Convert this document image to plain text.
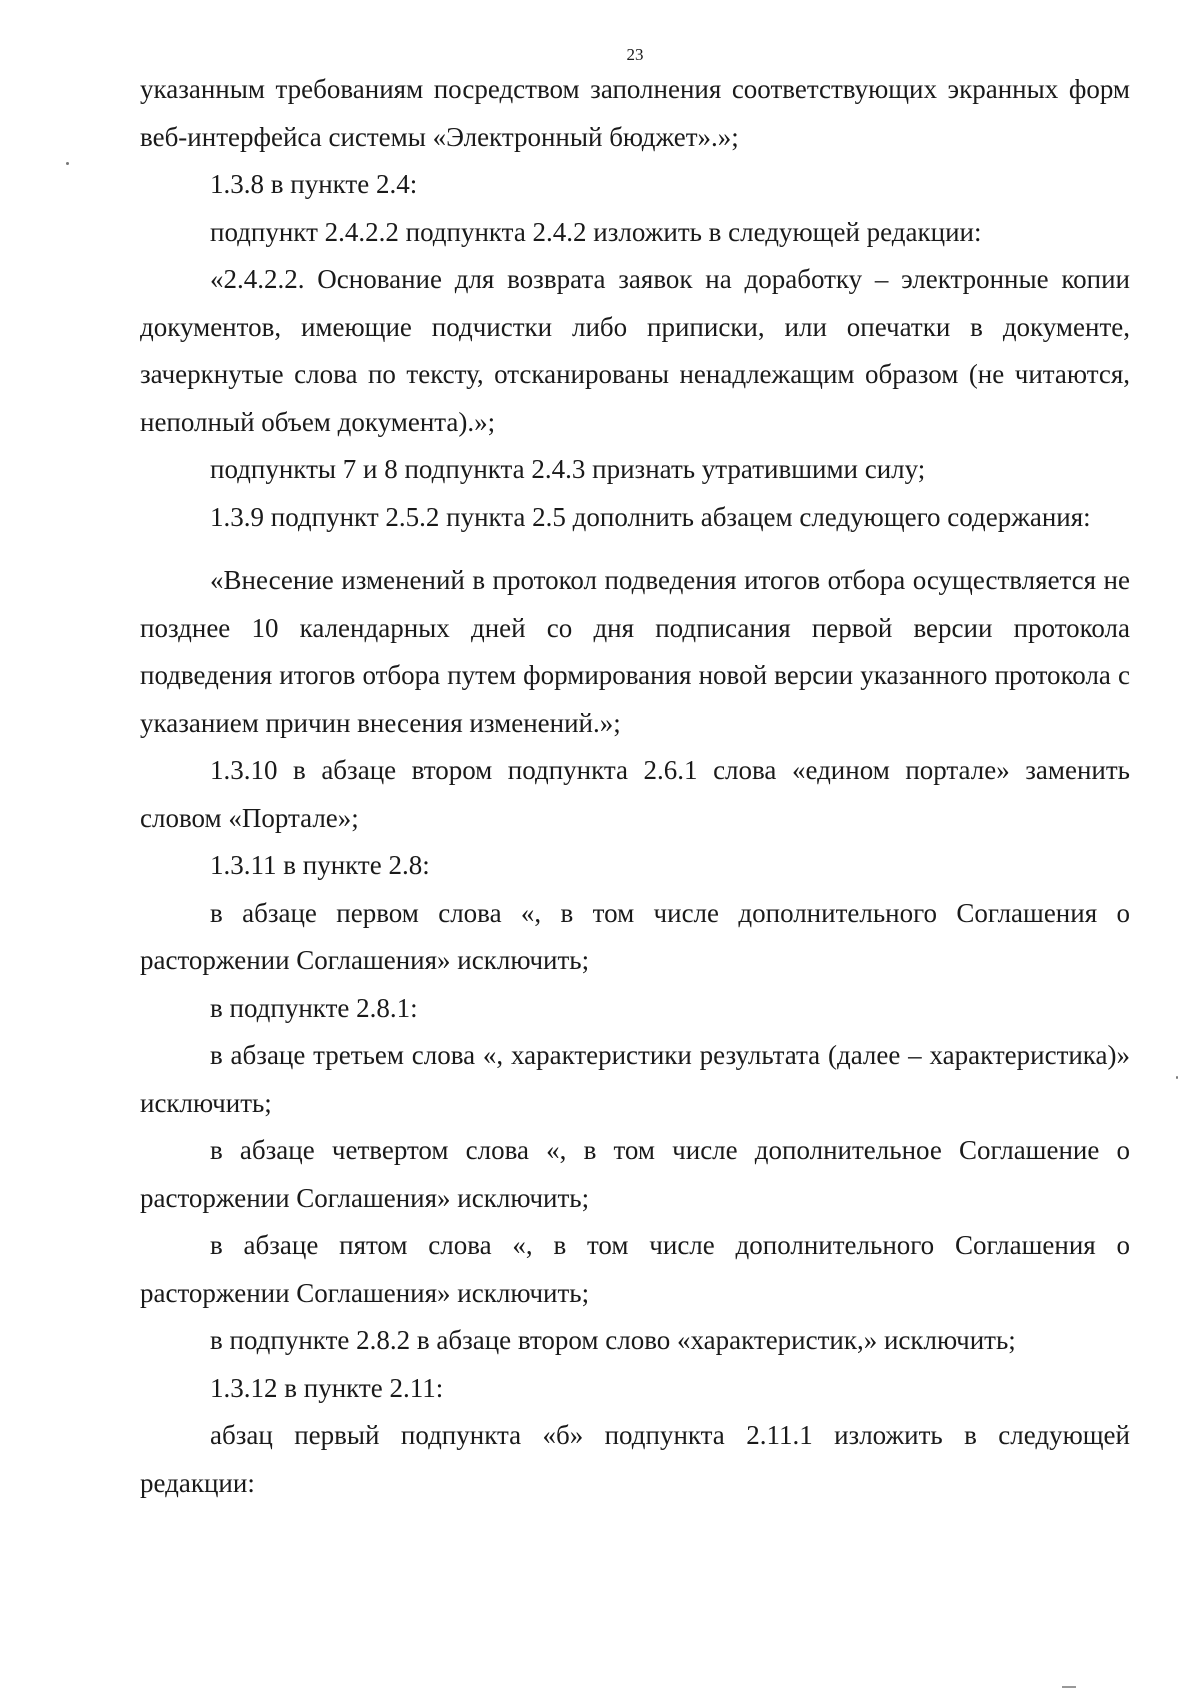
23

указанным требованиям посредством заполнения соответствующих экранных форм веб-интерфейса системы «Электронный бюджет».»;

1.3.8 в пункте 2.4:

подпункт 2.4.2.2 подпункта 2.4.2 изложить в следующей редакции:

«2.4.2.2. Основание для возврата заявок на доработку – электронные копии документов, имеющие подчистки либо приписки, или опечатки в документе, зачеркнутые слова по тексту, отсканированы ненадлежащим образом (не читаются, неполный объем документа).»;

подпункты 7 и 8 подпункта 2.4.3 признать утратившими силу;

1.3.9 подпункт 2.5.2 пункта 2.5 дополнить абзацем следующего содержания:

«Внесение изменений в протокол подведения итогов отбора осуществляется не позднее 10 календарных дней со дня подписания первой версии протокола подведения итогов отбора путем формирования новой версии указанного протокола с указанием причин внесения изменений.»;

1.3.10 в абзаце втором подпункта 2.6.1 слова «едином портале» заменить словом «Портале»;

1.3.11 в пункте 2.8:

в абзаце первом слова «, в том числе дополнительного Соглашения о расторжении Соглашения» исключить;

в подпункте 2.8.1:

в абзаце третьем слова «, характеристики результата (далее – характеристика)» исключить;

в абзаце четвертом слова «, в том числе дополнительное Соглашение о расторжении Соглашения» исключить;

в абзаце пятом слова «, в том числе дополнительного Соглашения о расторжении Соглашения» исключить;

в подпункте 2.8.2 в абзаце втором слово «характеристик,» исключить;

1.3.12 в пункте 2.11:

абзац первый подпункта «б» подпункта 2.11.1 изложить в следующей редакции:
